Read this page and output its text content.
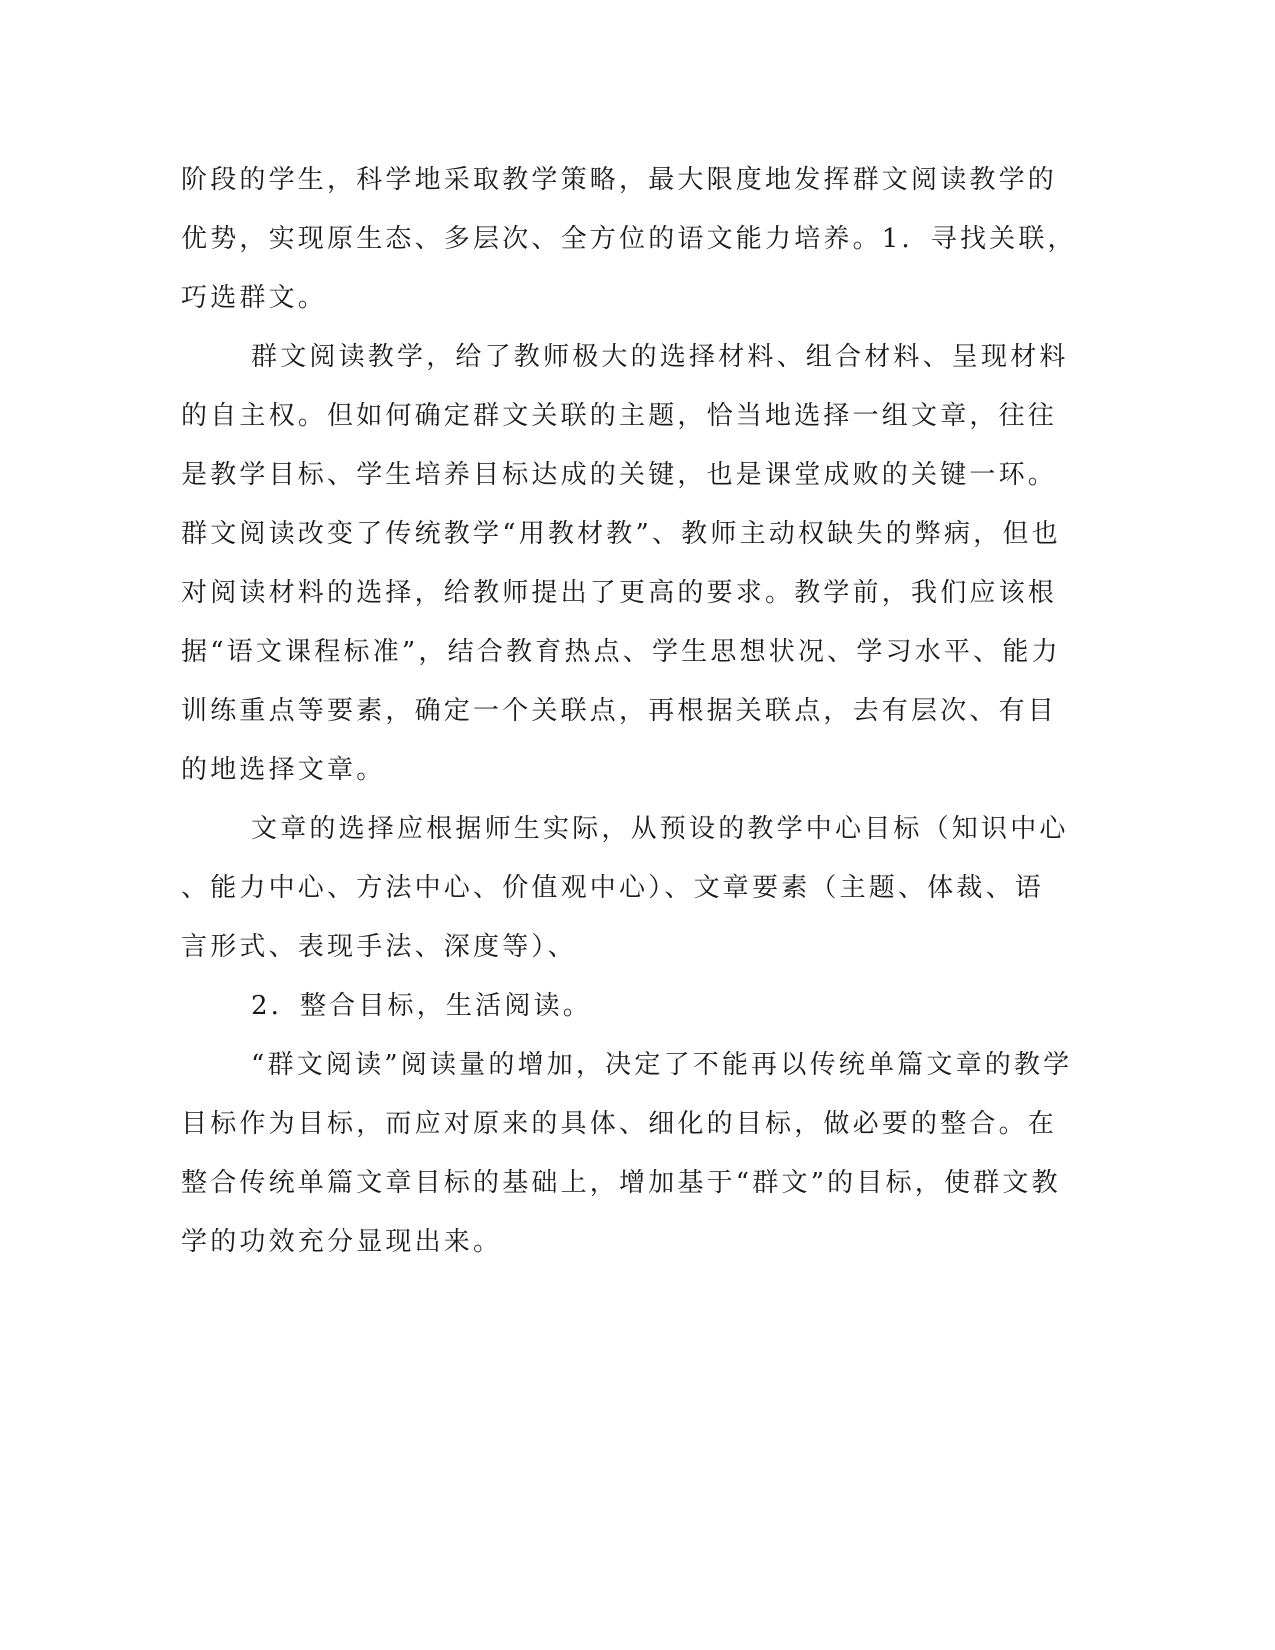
阶段的学生，科学地采取教学策略，最大限度地发挥群文阅读教学的
优势，实现原生态、多层次、全方位的语文能力培养。1．寻找关联，
巧选群文。
群文阅读教学，给了教师极大的选择材料、组合材料、呈现材料
的自主权。但如何确定群文关联的主题，恰当地选择一组文章，往往
是教学目标、学生培养目标达成的关键，也是课堂成败的关键一环。
群文阅读改变了传统教学“用教材教”、教师主动权缺失的弊病，但也
对阅读材料的选择，给教师提出了更高的要求。教学前，我们应该根
据“语文课程标准”，结合教育热点、学生思想状况、学习水平、能力
训练重点等要素，确定一个关联点，再根据关联点，去有层次、有目
的地选择文章。
文章的选择应根据师生实际，从预设的教学中心目标（知识中心
、能力中心、方法中心、价值观中心）、文章要素（主题、体裁、语
言形式、表现手法、深度等）、
2．整合目标，生活阅读。
“群文阅读”阅读量的增加，决定了不能再以传统单篇文章的教学
目标作为目标，而应对原来的具体、细化的目标，做必要的整合。在
整合传统单篇文章目标的基础上，增加基于“群文”的目标，使群文教
学的功效充分显现出来。
